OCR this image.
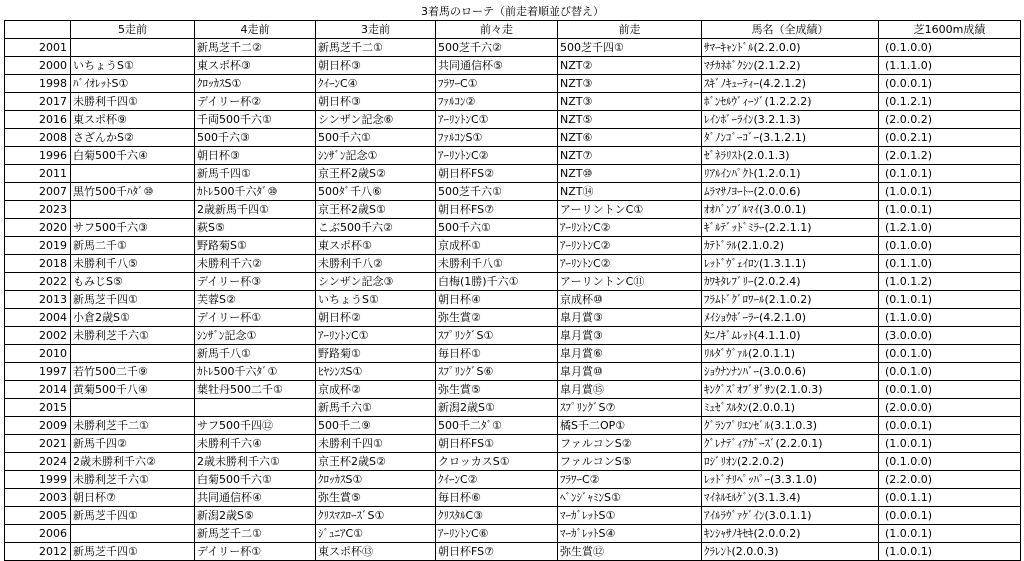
3着馬のローテ（前走着順並び替え）							
	5走前	4走前	3走前	前々走	前走	馬名（全成績）	芝1600m成績
2001		新馬芝千二②	新馬芝千二①	500芝千六②	500芝千四①	ｻﾏｰｷｬﾝﾄﾞﾙ(2.2.0.0)	(0.1.0.0)
2000	いちょうS①	東スポ杯③	朝日杯③	共同通信杯⑤	NZT②	ﾏﾁｶﾈﾎﾞｸｼﾝ(2.1.2.2)	(1.1.1.0)
1998	ﾊﾞｲｵﾚｯﾄS①	ｸﾛｯｶｽS①	ｸｲｰﾝC④	ﾌﾗﾜｰC①	NZT③	ｽｷﾞﾉｷｭｰﾃｨｰ(4.2.1.2)	(0.0.0.1)
2017	未勝利千四①	デイリー杯②	朝日杯③	ﾌｧﾙｺﾝ②	NZT③	ﾎﾞﾝｾﾙｳﾞｨｰｿﾞ(1.2.2.2)	(0.1.2.1)
2016	東スポ杯⑨	千両500千六①	シンザン記念⑥	ｱｰﾘﾝﾄﾝC①	NZT⑤	ﾚｲﾝﾎﾞｰﾗｲﾝ(3.2.1.3)	(2.0.0.2)
2008	さざんかS②	500千六③	500千六①	ﾌｧﾙｺﾝS①	NZT⑥	ﾀﾞﾉﾝｺﾞｰｺﾞｰ(3.1.2.1)	(0.0.2.1)
1996	白菊500千六④	朝日杯③	ｼﾝｻﾞﾝ記念①	ｱｰﾘﾝﾄﾝC②	NZT⑦	ｾﾞﾈﾗﾘｽﾄ(2.0.1.3)	(2.0.1.2)
2011		新馬千四①	京王杯2歳S②	朝日杯FS②	NZT⑩	ﾘｱﾙｲﾝﾊﾟｸﾄ(1.2.0.1)	(0.1.0.1)
2007	黒竹500千ﾊﾀﾞ⑩	ｶﾄﾚ500千六ﾀﾞ⑩	500ﾀﾞ千八⑥	500芝千六①	NZT⑭	ﾑﾗﾏｻﾉﾖｰﾄｰ(2.0.0.6)	(1.0.0.1)
2023		2歳新馬千四①	京王杯2歳S①	朝日杯FS⑦	アーリントンC①	ｵｵﾊﾞﾝﾌﾞﾙﾏｲ(3.0.0.1)	(1.0.0.1)
2020	サフ500千六③	萩S⑤	こぶ500千六②	500千六①	ｱｰﾘﾝﾄﾝC②	ｷﾞﾙﾃﾞｯﾄﾞﾐﾗｰ(2.2.1.1)	(1.2.1.0)
2019	新馬二千①	野路菊S①	東スポ杯①	京成杯①	ｱｰﾘﾝﾄﾝC②	ｶﾃﾄﾞﾗﾙ(2.1.0.2)	(0.1.0.0)
2018	未勝利千八⑤	未勝利千六②	未勝利千八②	未勝利千八①	ｱｰﾘﾝﾄﾝC②	ﾚｯﾄﾞｳﾞｪｲﾛﾝ(1.3.1.1)	(0.1.1.0)
2022	もみじS⑤	デイリー杯③	シンザン記念③	白梅(1勝)千六①	アーリントンC⑪	ｶﾜｷﾀﾚﾌﾞﾘｰ(2.0.2.4)	(1.0.1.2)
2013	新馬芝千四①	芙蓉S②	いちょうS①	朝日杯④	京成杯⑩	ﾌﾗﾑﾄﾞｸﾞﾛﾜｰﾙ(2.1.0.2)	(0.1.0.1)
2004	小倉2歳S①	デイリー杯①	朝日杯②	弥生賞②	皐月賞③	ﾒｲｼｮｳﾎﾞｰﾗｰ(4.2.1.0)	(1.1.0.0)
2002	未勝利芝千六①	ｼﾝｻﾞﾝ記念①	ｱｰﾘﾝﾄﾝC①	ｽﾌﾟﾘﾝｸﾞS①	皐月賞③	ﾀﾆﾉｷﾞﾑﾚｯﾄ(4.1.1.0)	(3.0.0.0)
2010		新馬千八①	野路菊①	毎日杯①	皐月賞⑥	ﾘﾙﾀﾞｳﾞｧﾙ(2.0.1.1)	(0.0.1.0)
1997	若竹500二千⑨	ｶﾄﾚ500千六ﾀﾞ①	ﾋﾔｼﾝｽS①	ｽﾌﾟﾘﾝｸﾞS⑥	皐月賞⑩	ｼｮｳﾅﾝﾅﾝﾊﾞｰ(3.0.0.6)	(0.0.1.0)
2014	黄菊500千八④	葉牡丹500二千①	京成杯②	弥生賞⑤	皐月賞⑮	ｷﾝｸﾞｽﾞｵﾌﾞｻﾞｻﾝ(2.1.0.3)	(0.0.1.0)
2015			新馬千六①	新潟2歳S①	ｽﾌﾟﾘﾝｸﾞS⑦	ﾐｭｾﾞｽﾙﾀﾝ(2.0.0.1)	(2.0.0.0)
2009	未勝利芝千二①	サフ500千四⑫	500千二⑨	500千二ﾀﾞ①	橘S千二OP①	ｸﾞﾗﾝﾌﾟﾘｴﾝｾﾞﾙ(3.1.0.3)	(0.0.0.1)
2021	新馬千四②	未勝利千六④	未勝利千四①	朝日杯FS①	ファルコンS②	ｸﾞﾚﾅﾃﾞｨｱｶﾞｰｽﾞ(2.2.0.1)	(1.0.0.1)
2024	2歳未勝利千六②	2歳未勝利千六①	京王杯2歳S②	クロッカスS①	ファルコンS⑤	ﾛｼﾞﾘｵﾝ(2.2.0.2)	(0.1.0.0)
1999	未勝利芝千六①	白菊500千六①	ｸﾛｯｶｽS①	ｸｲｰﾝC②	ﾌﾗﾜｰC②	ﾚｯﾄﾞﾁﾘﾍﾟｯﾊﾟｰ(3.3.1.0)	(2.2.0.0)
2003	朝日杯⑦	共同通信杯④	弥生賞⑤	毎日杯⑥	ﾍﾞﾝｼﾞｬﾐﾝS①	ﾏｲﾈﾙﾓﾙｹﾞﾝ(3.1.3.4)	(0.0.1.1)
2005	新馬芝千四①	新潟2歳S⑤	ｸﾘｽﾏｽﾛｰｽﾞS①	ｸﾘｽﾀﾙC③	ﾏｰｶﾞﾚｯﾄS①	ｱｲﾙﾗｳﾞｧｹﾞｲﾝ(3.0.1.1)	(0.0.0.1)
2006		新馬芝千二①	ｼﾞｭﾆｱC①	ｱｰﾘﾝﾄﾝC⑥	ﾏｰｶﾞﾚｯﾄS④	ｷﾝｼｬｻﾉｷｾｷ(2.0.0.2)	(1.0.0.1)
2012	新馬芝千四①	デイリー杯①	東スポ杯⑬	朝日杯FS⑦	弥生賞⑫	ｸﾗﾚﾝﾄ(2.0.0.3)	(1.0.0.1)
